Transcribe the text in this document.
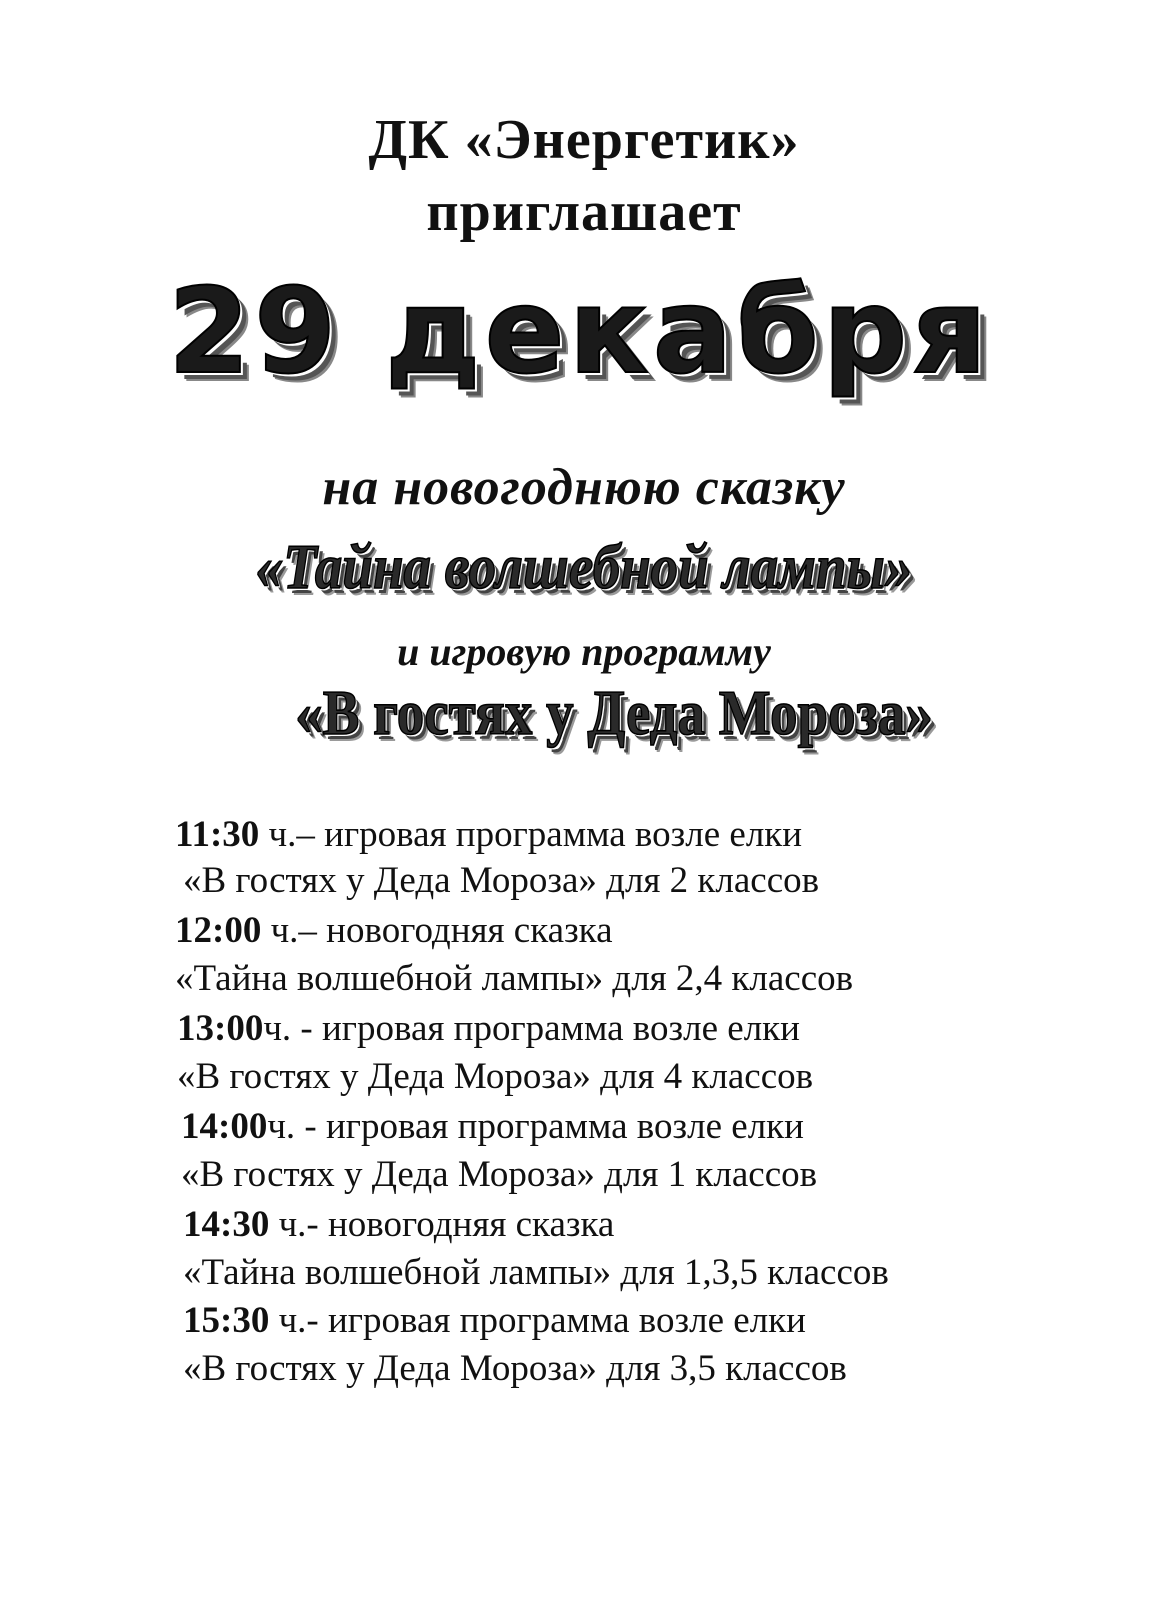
ДК «Энергетик»
приглашает
29 декабря
на новогоднюю сказку
«Тайна волшебной лампы»
и игровую программу
«В гостях у Деда Мороза»
11:30 ч.– игровая программа возле елки
«В гостях у Деда Мороза» для 2 классов
12:00 ч.– новогодняя сказка
«Тайна волшебной лампы» для 2,4 классов
13:00ч. - игровая программа возле елки
«В гостях у Деда Мороза» для 4 классов
14:00ч. - игровая программа возле елки
«В гостях у Деда Мороза» для 1 классов
14:30 ч.- новогодняя сказка
«Тайна волшебной лампы» для 1,3,5 классов
15:30 ч.- игровая программа возле елки
«В гостях у Деда Мороза» для 3,5 классов
